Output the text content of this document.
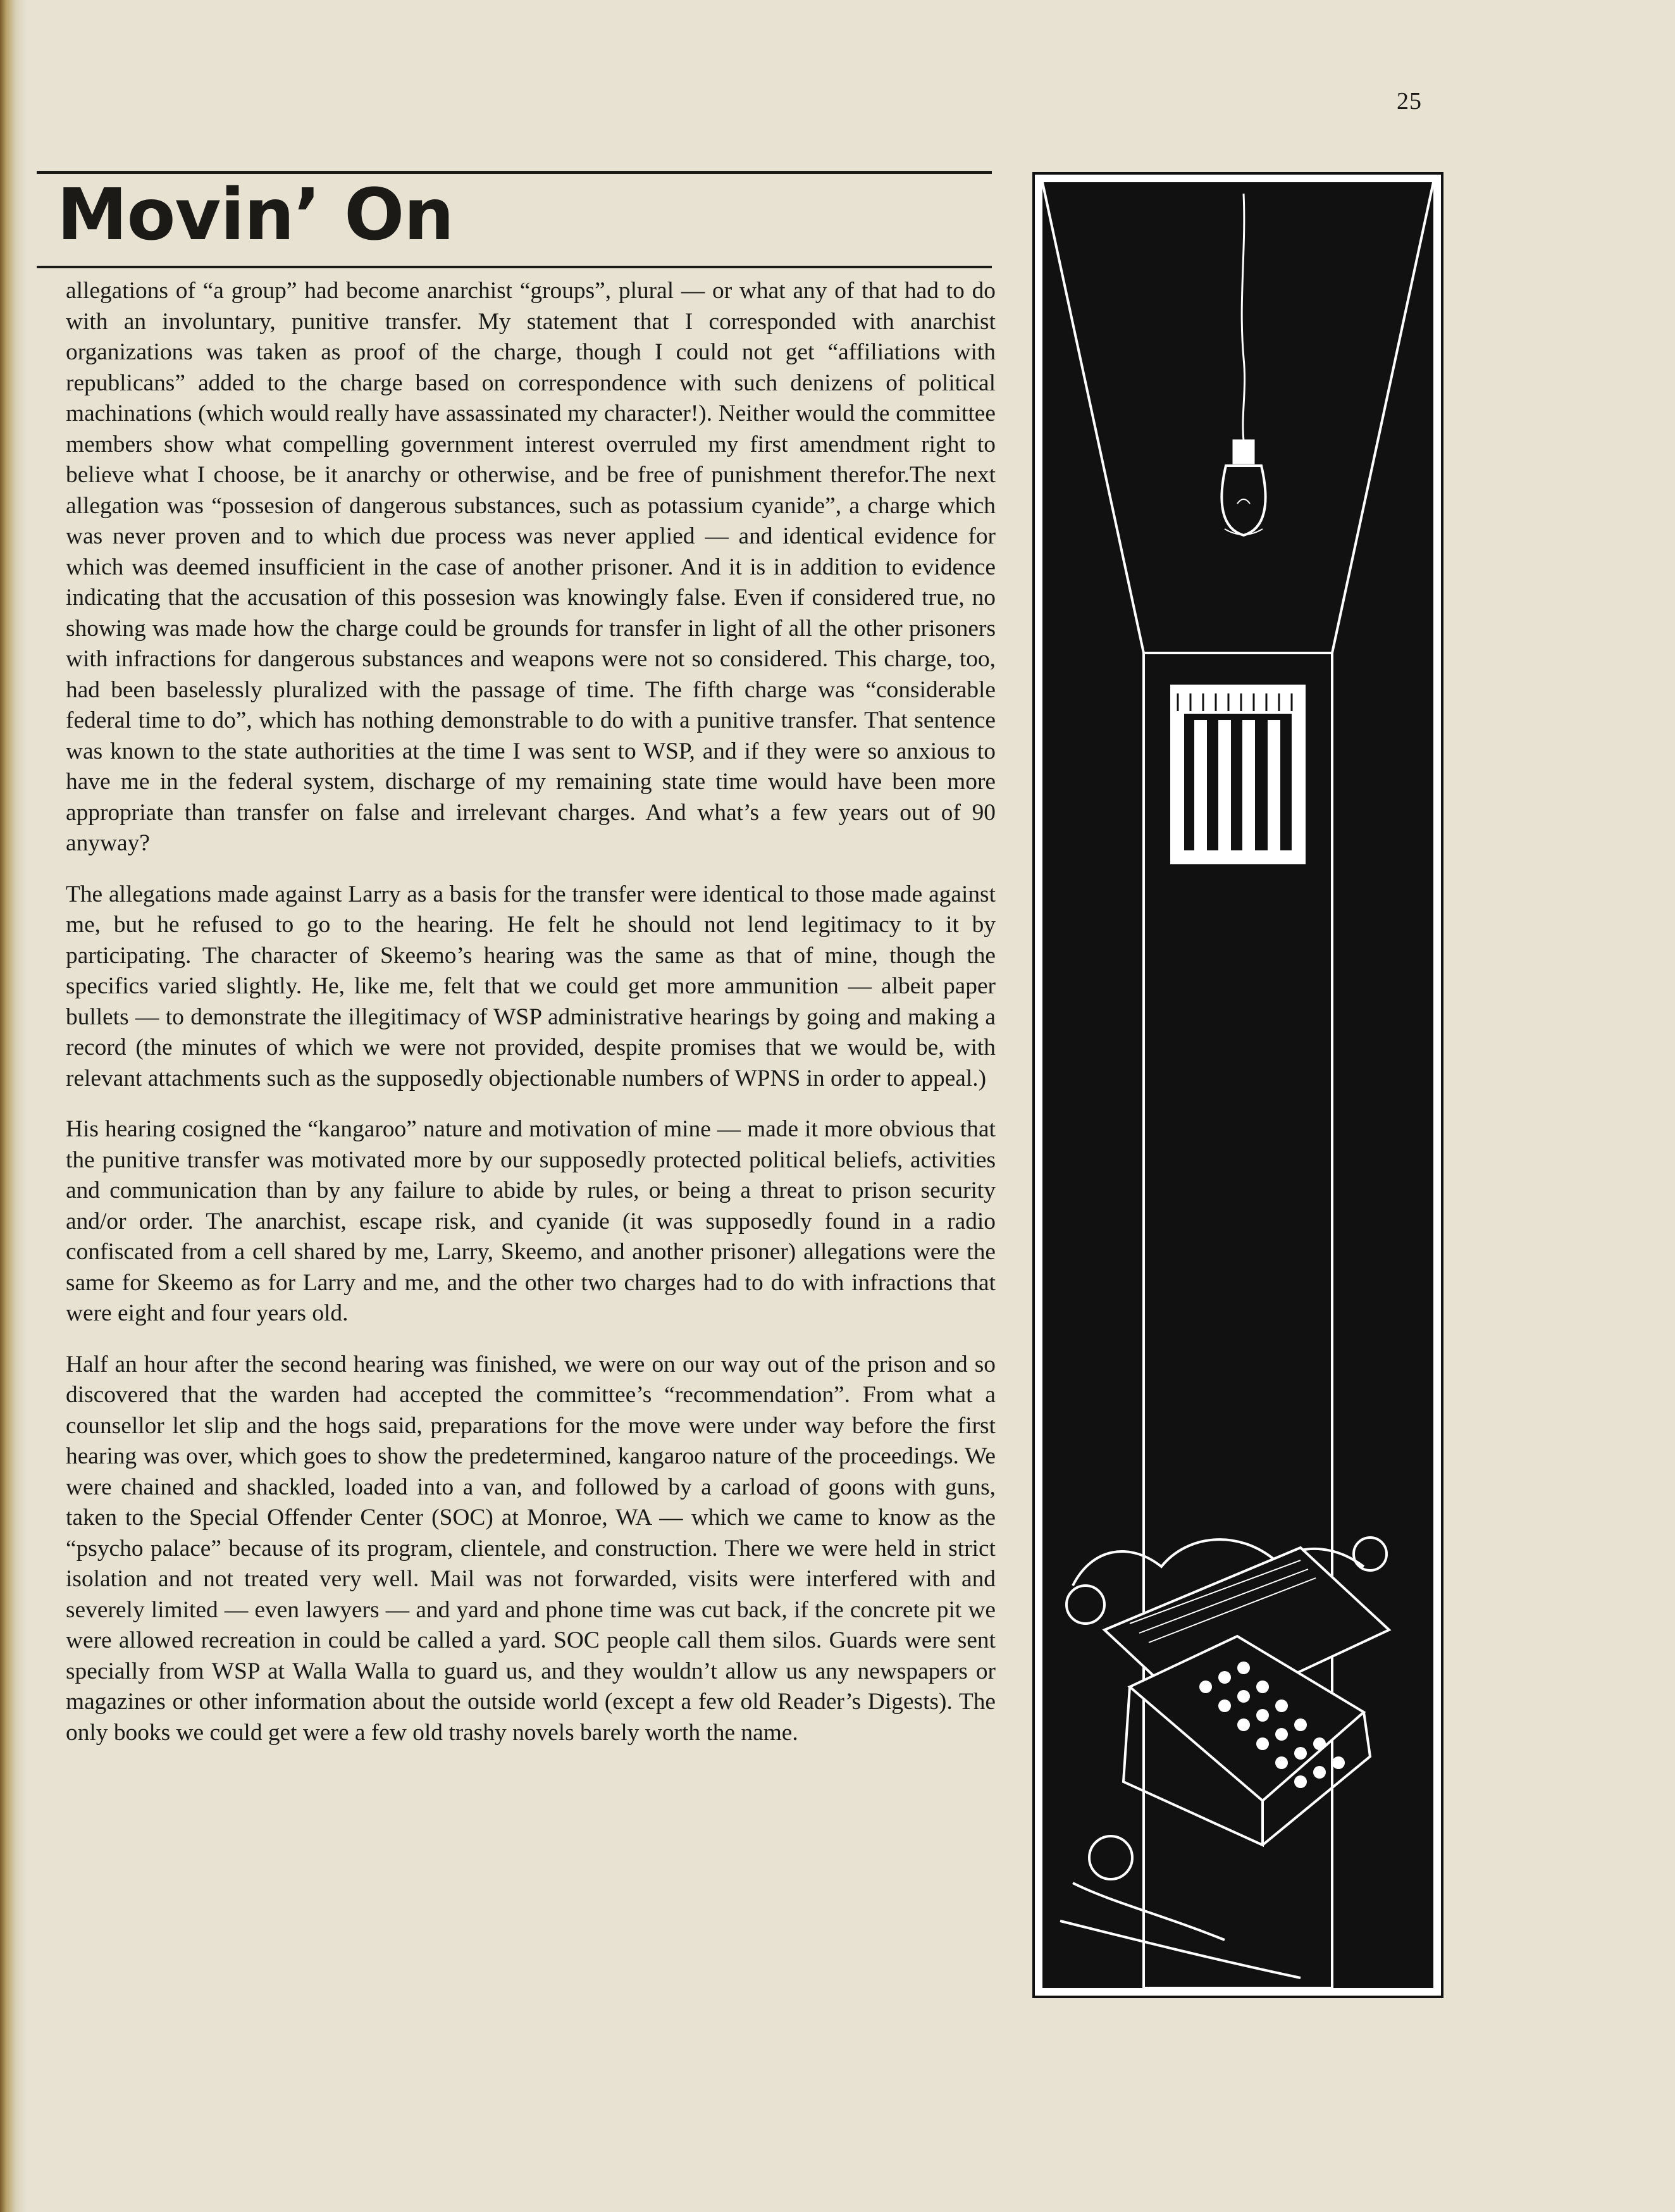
25
Movin’ On

allegations of “a group” had become anarchist “groups”, plural — or what any of that had to do with an involuntary, punitive transfer. My statement that I corresponded with anarchist organizations was taken as proof of the charge, though I could not get “affiliations with republicans” added to the charge based on correspondence with such denizens of political machinations (which would really have assassinated my character!). Neither would the committee members show what compelling government interest overruled my first amendment right to believe what I choose, be it anarchy or otherwise, and be free of punishment therefor.The next allegation was “possesion of dangerous substances, such as potassium cyanide”, a charge which was never proven and to which due process was never applied — and identical evidence for which was deemed insufficient in the case of another prisoner. And it is in addition to evidence indicating that the accusation of this possesion was knowingly false. Even if considered true, no showing was made how the charge could be grounds for transfer in light of all the other prisoners with infractions for dangerous substances and weapons were not so considered. This charge, too, had been baselessly pluralized with the passage of time. The fifth charge was “considerable federal time to do”, which has nothing demonstrable to do with a punitive transfer. That sentence was known to the state authorities at the time I was sent to WSP, and if they were so anxious to have me in the federal system, discharge of my remaining state time would have been more appropriate than transfer on false and irrelevant charges. And what’s a few years out of 90 anyway?

The allegations made against Larry as a basis for the transfer were identical to those made against me, but he refused to go to the hearing. He felt he should not lend legitimacy to it by participating. The character of Skeemo’s hearing was the same as that of mine, though the specifics varied slightly. He, like me, felt that we could get more ammunition — albeit paper bullets — to demonstrate the illegitimacy of WSP administrative hearings by going and making a record (the minutes of which we were not provided, despite promises that we would be, with relevant attachments such as the supposedly objectionable numbers of WPNS in order to appeal.)

His hearing cosigned the “kangaroo” nature and motivation of mine — made it more obvious that the punitive transfer was motivated more by our supposedly protected political beliefs, activities and communication than by any failure to abide by rules, or being a threat to prison security and/or order. The anarchist, escape risk, and cyanide (it was supposedly found in a radio confiscated from a cell shared by me, Larry, Skeemo, and another prisoner) allegations were the same for Skeemo as for Larry and me, and the other two charges had to do with infractions that were eight and four years old.

Half an hour after the second hearing was finished, we were on our way out of the prison and so discovered that the warden had accepted the committee’s “recommendation”. From what a counsellor let slip and the hogs said, preparations for the move were under way before the first hearing was over, which goes to show the predetermined, kangaroo nature of the proceedings. We were chained and shackled, loaded into a van, and followed by a carload of goons with guns, taken to the Special Offender Center (SOC) at Monroe, WA — which we came to know as the “psycho palace” because of its program, clientele, and construction. There we were held in strict isolation and not treated very well. Mail was not forwarded, visits were interfered with and severely limited — even lawyers — and yard and phone time was cut back, if the concrete pit we were allowed recreation in could be called a yard. SOC people call them silos. Guards were sent specially from WSP at Walla Walla to guard us, and they wouldn’t allow us any newspapers or magazines or other information about the outside world (except a few old Reader’s Digests). The only books we could get were a few old trashy novels barely worth the name.
